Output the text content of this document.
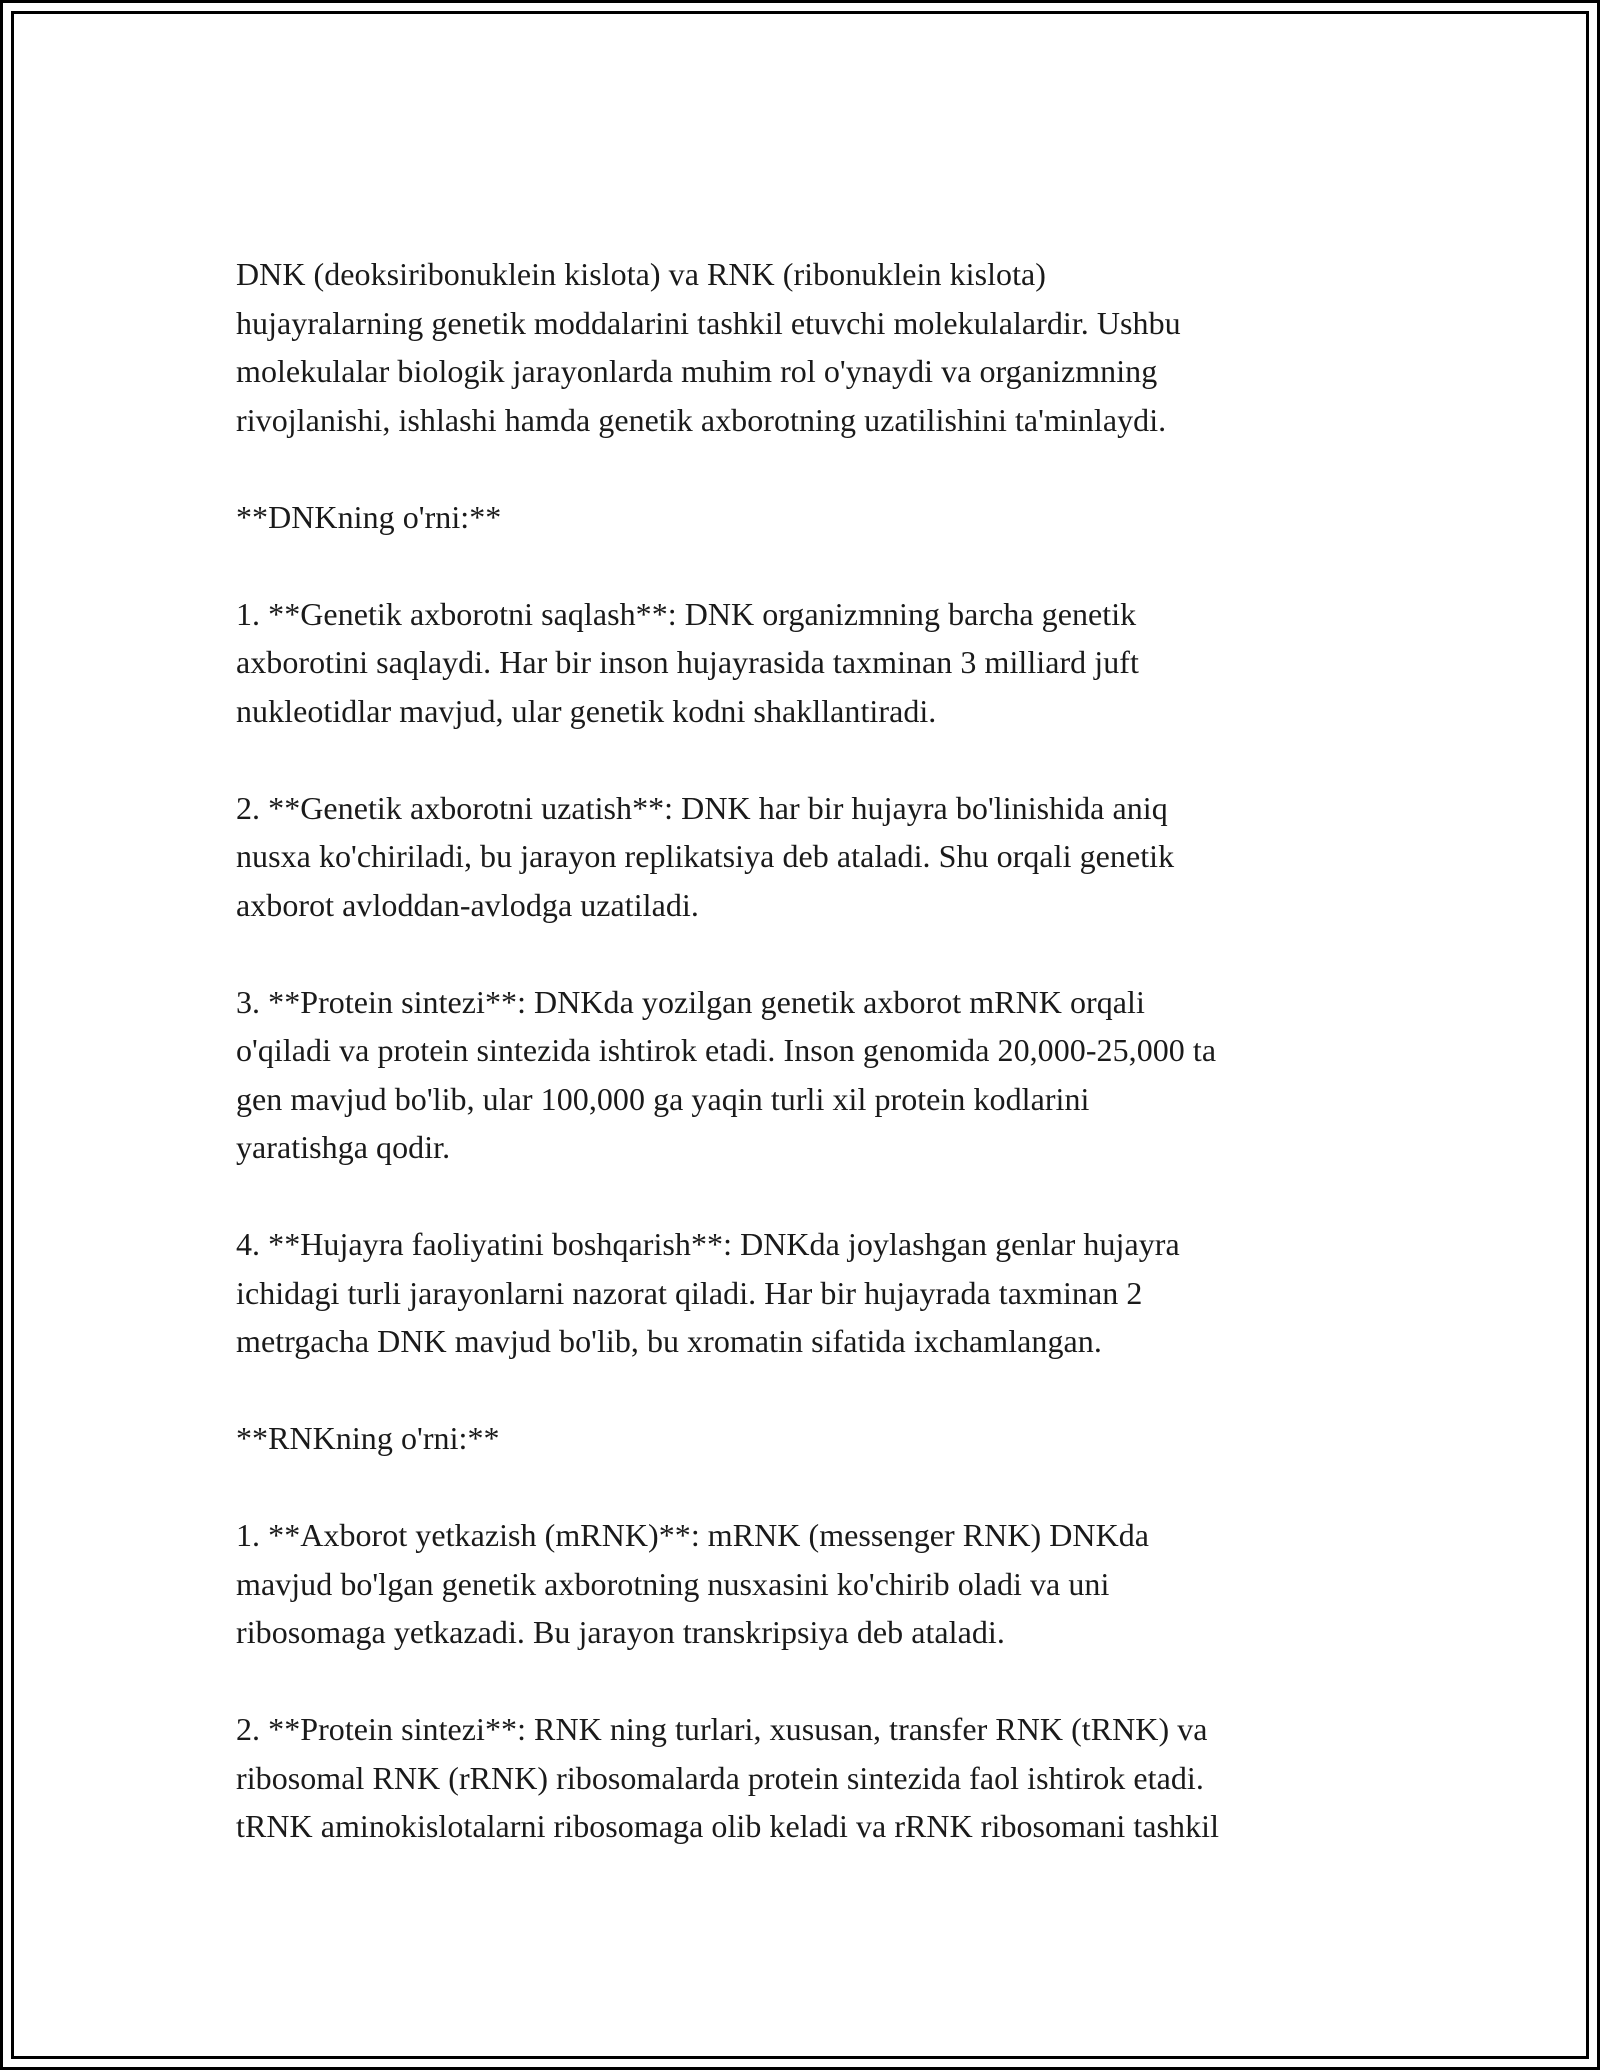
DNK (deoksiribonuklein kislota) va RNK (ribonuklein kislota)
hujayralarning genetik moddalarini tashkil etuvchi molekulalardir. Ushbu
molekulalar biologik jarayonlarda muhim rol o'ynaydi va organizmning
rivojlanishi, ishlashi hamda genetik axborotning uzatilishini ta'minlaydi.

**DNKning o'rni:**

1. **Genetik axborotni saqlash**: DNK organizmning barcha genetik
axborotini saqlaydi. Har bir inson hujayrasida taxminan 3 milliard juft
nukleotidlar mavjud, ular genetik kodni shakllantiradi.

2. **Genetik axborotni uzatish**: DNK har bir hujayra bo'linishida aniq
nusxa ko'chiriladi, bu jarayon replikatsiya deb ataladi. Shu orqali genetik
axborot avloddan-avlodga uzatiladi.

3. **Protein sintezi**: DNKda yozilgan genetik axborot mRNK orqali
o'qiladi va protein sintezida ishtirok etadi. Inson genomida 20,000-25,000 ta
gen mavjud bo'lib, ular 100,000 ga yaqin turli xil protein kodlarini
yaratishga qodir.

4. **Hujayra faoliyatini boshqarish**: DNKda joylashgan genlar hujayra
ichidagi turli jarayonlarni nazorat qiladi. Har bir hujayrada taxminan 2
metrgacha DNK mavjud bo'lib, bu xromatin sifatida ixchamlangan.

**RNKning o'rni:**

1. **Axborot yetkazish (mRNK)**: mRNK (messenger RNK) DNKda
mavjud bo'lgan genetik axborotning nusxasini ko'chirib oladi va uni
ribosomaga yetkazadi. Bu jarayon transkripsiya deb ataladi.

2. **Protein sintezi**: RNK ning turlari, xususan, transfer RNK (tRNK) va
ribosomal RNK (rRNK) ribosomalarda protein sintezida faol ishtirok etadi.
tRNK aminokislotalarni ribosomaga olib keladi va rRNK ribosomani tashkil
